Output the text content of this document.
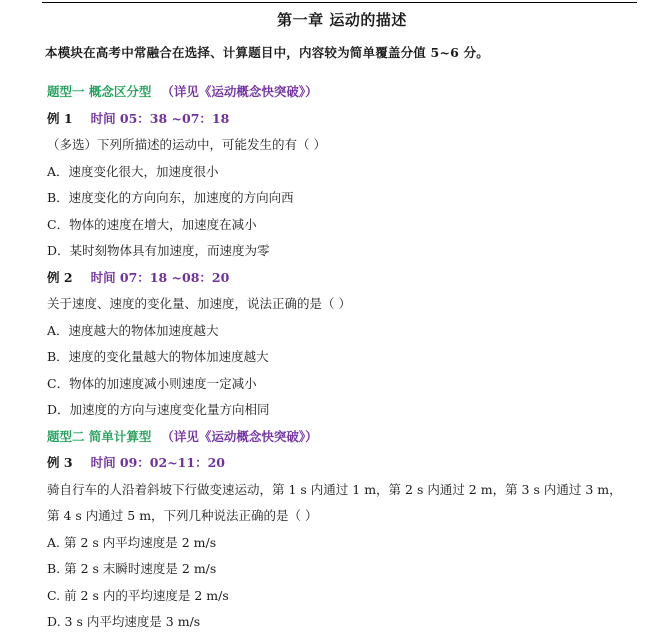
第一章 运动的描述
本模块在高考中常融合在选择、计算题目中，内容较为简单覆盖分值 5~6 分。
题型一 概念区分型 （详见《运动概念快突破》）
例 1 时间 05：38 ~07：18
（多选）下列所描述的运动中，可能发生的有（ ）
A．速度变化很大，加速度很小
B．速度变化的方向向东，加速度的方向向西
C．物体的速度在增大，加速度在减小
D．某时刻物体具有加速度，而速度为零
例 2 时间 07：18 ~08：20
关于速度、速度的变化量、加速度，说法正确的是（ ）
A．速度越大的物体加速度越大
B．速度的变化量越大的物体加速度越大
C．物体的加速度减小则速度一定减小
D．加速度的方向与速度变化量方向相同
题型二 简单计算型 （详见《运动概念快突破》）
例 3 时间 09：02~11：20
骑自行车的人沿着斜坡下行做变速运动，第 1 s 内通过 1 m，第 2 s 内通过 2 m，第 3 s 内通过 3 m，
第 4 s 内通过 5 m，下列几种说法正确的是（ ）
A. 第 2 s 内平均速度是 2 m/s
B. 第 2 s 末瞬时速度是 2 m/s
C. 前 2 s 内的平均速度是 2 m/s
D. 3 s 内平均速度是 3 m/s
